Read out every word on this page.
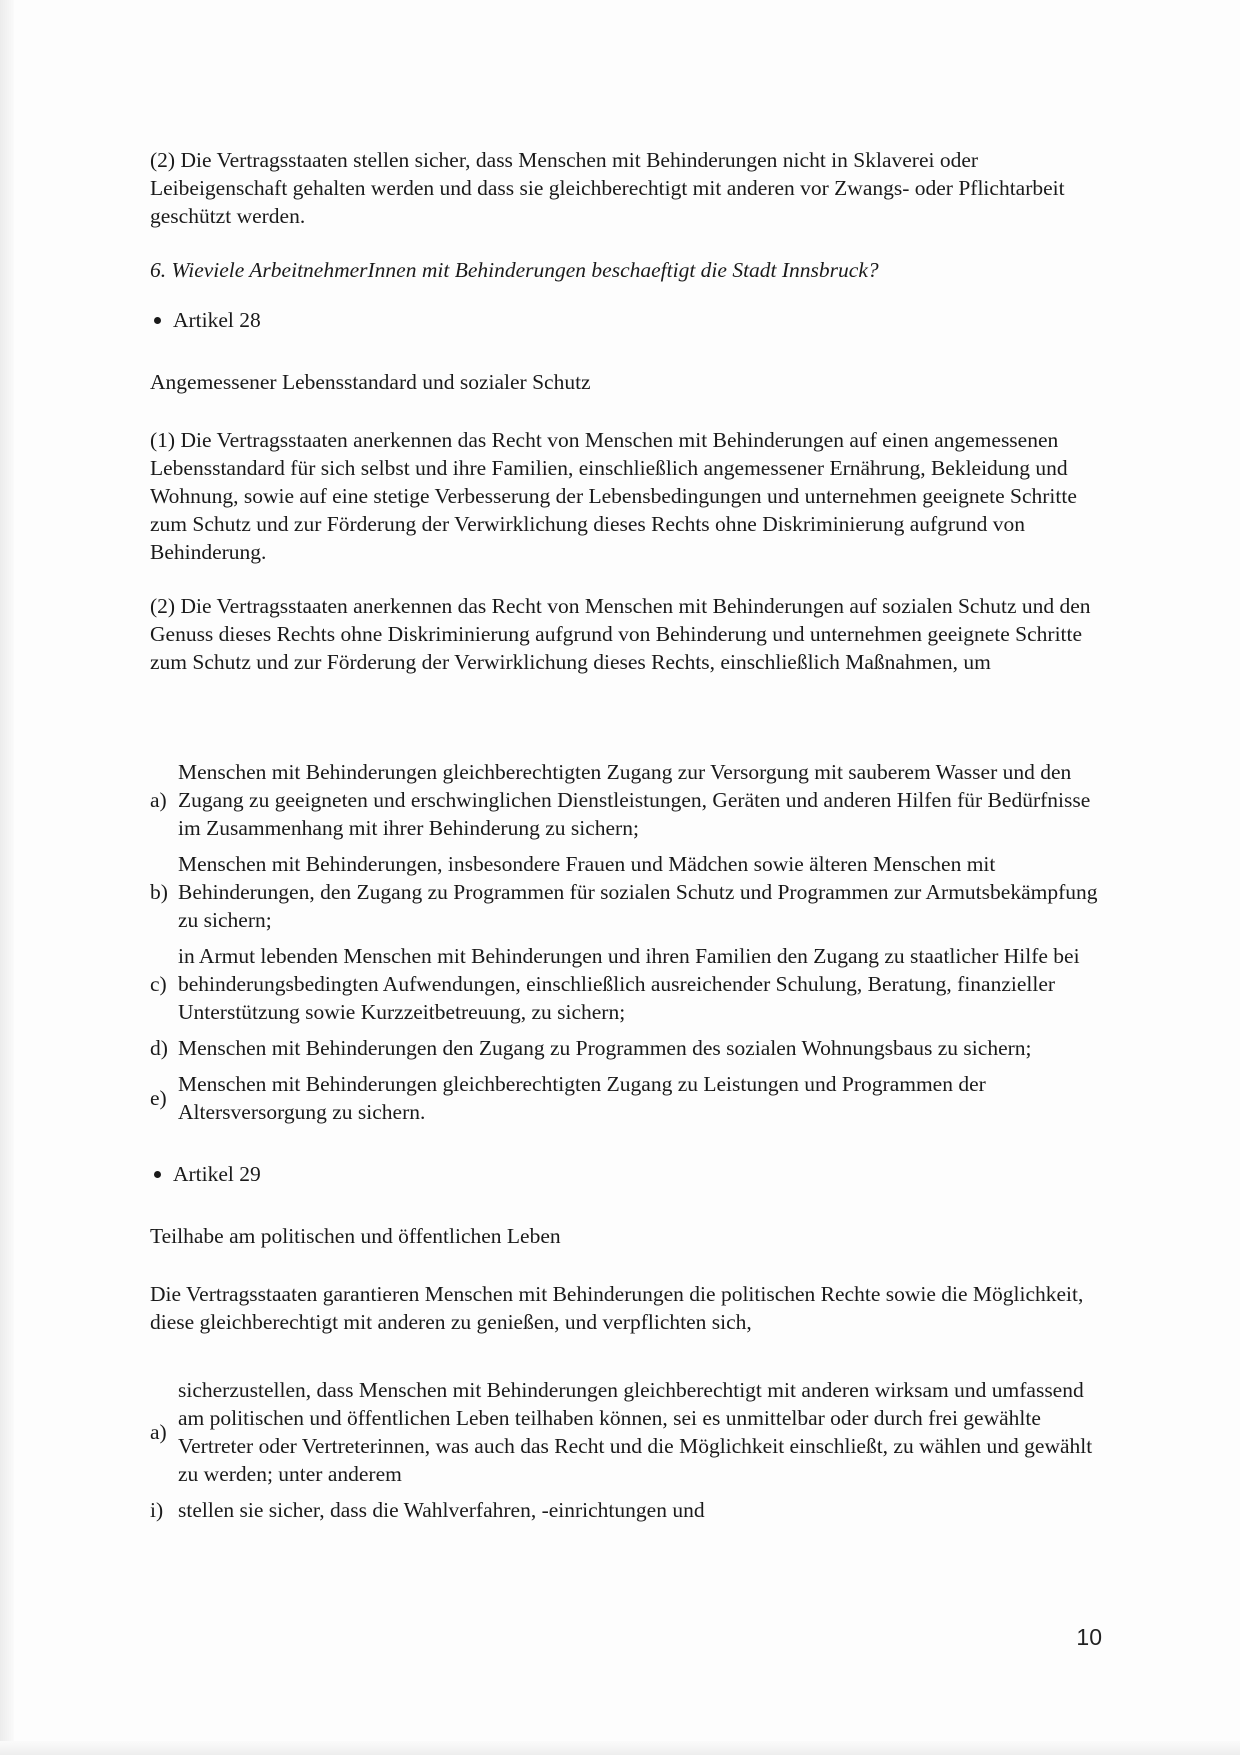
(2) Die Vertragsstaaten stellen sicher, dass Menschen mit Behinderungen nicht in Sklaverei oder Leibeigenschaft gehalten werden und dass sie gleichberechtigt mit anderen vor Zwangs- oder Pflichtarbeit geschützt werden.

6. Wieviele ArbeitnehmerInnen mit Behinderungen beschaeftigt die Stadt Innsbruck?

Artikel 28

Angemessener Lebensstandard und sozialer Schutz

(1) Die Vertragsstaaten anerkennen das Recht von Menschen mit Behinderungen auf einen angemessenen Lebensstandard für sich selbst und ihre Familien, einschließlich angemessener Ernährung, Bekleidung und Wohnung, sowie auf eine stetige Verbesserung der Lebensbedingungen und unternehmen geeignete Schritte zum Schutz und zur Förderung der Verwirklichung dieses Rechts ohne Diskriminierung aufgrund von Behinderung.

(2) Die Vertragsstaaten anerkennen das Recht von Menschen mit Behinderungen auf sozialen Schutz und den Genuss dieses Rechts ohne Diskriminierung aufgrund von Behinderung und unternehmen geeignete Schritte zum Schutz und zur Förderung der Verwirklichung dieses Rechts, einschließlich Maßnahmen, um

a)
Menschen mit Behinderungen gleichberechtigten Zugang zur Versorgung mit sauberem Wasser und den Zugang zu geeigneten und erschwinglichen Dienstleistungen, Geräten und anderen Hilfen für Bedürfnisse im Zusammenhang mit ihrer Behinderung zu sichern;
b)
Menschen mit Behinderungen, insbesondere Frauen und Mädchen sowie älteren Menschen mit Behinderungen, den Zugang zu Programmen für sozialen Schutz und Programmen zur Armutsbekämpfung zu sichern;
c)
in Armut lebenden Menschen mit Behinderungen und ihren Familien den Zugang zu staatlicher Hilfe bei behinderungsbedingten Aufwendungen, einschließlich ausreichender Schulung, Beratung, finanzieller Unterstützung sowie Kurzzeitbetreuung, zu sichern;
d) Menschen mit Behinderungen den Zugang zu Programmen des sozialen Wohnungsbaus zu sichern;
e)
Menschen mit Behinderungen gleichberechtigten Zugang zu Leistungen und Programmen der Altersversorgung zu sichern.
Artikel 29

Teilhabe am politischen und öffentlichen Leben

Die Vertragsstaaten garantieren Menschen mit Behinderungen die politischen Rechte sowie die Möglichkeit, diese gleichberechtigt mit anderen zu genießen, und verpflichten sich,

a)
sicherzustellen, dass Menschen mit Behinderungen gleichberechtigt mit anderen wirksam und umfassend am politischen und öffentlichen Leben teilhaben können, sei es unmittelbar oder durch frei gewählte Vertreter oder Vertreterinnen, was auch das Recht und die Möglichkeit einschließt, zu wählen und gewählt zu werden; unter anderem
i) stellen sie sicher, dass die Wahlverfahren, -einrichtungen und
10
